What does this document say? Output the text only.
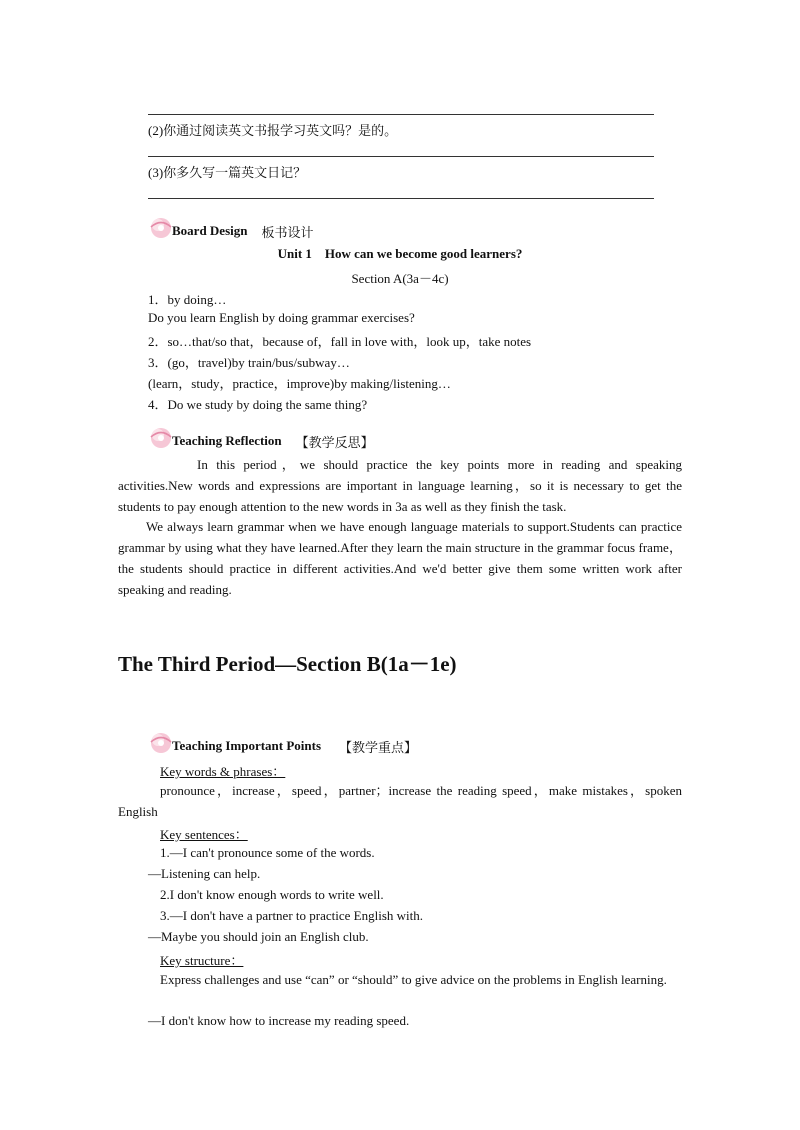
(2)你通过阅读英文书报学习英文吗？是的。
(3)你多久写一篇英文日记？
Board Design 板书设计
Unit 1    How can we become good learners?
Section A(3a－4c)
1．by doing…
Do you learn English by doing grammar exercises?
2．so…that/so that，because of，fall in love with，look up，take notes
3．(go，travel)by train/bus/subway…
(learn，study，practice，improve)by making/listening…
4．Do we study by doing the same thing?
Teaching Reflection 【教学反思】
In this period，we should practice the key points more in reading and speaking activities.New words and expressions are important in language learning，so it is necessary to get the students to pay enough attention to the new words in 3a as well as they finish the task.
We always learn grammar when we have enough language materials to support.Students can practice grammar by using what they have learned.After they learn the main structure in the grammar focus frame，the students should practice in different activities.And we'd better give them some written work after speaking and reading.
The Third Period—Section B(1a－1e)
Teaching Important Points 【教学重点】
Key words & phrases：
pronounce，increase，speed，partner；increase the reading speed，make mistakes，spoken English
Key sentences：
1.—I can't pronounce some of the words.
—Listening can help.
2.I don't know enough words to write well.
3.—I don't have a partner to practice English with.
—Maybe you should join an English club.
Key structure：
Express challenges and use “can” or “should” to give advice on the problems in English learning.
—I don't know how to increase my reading speed.
